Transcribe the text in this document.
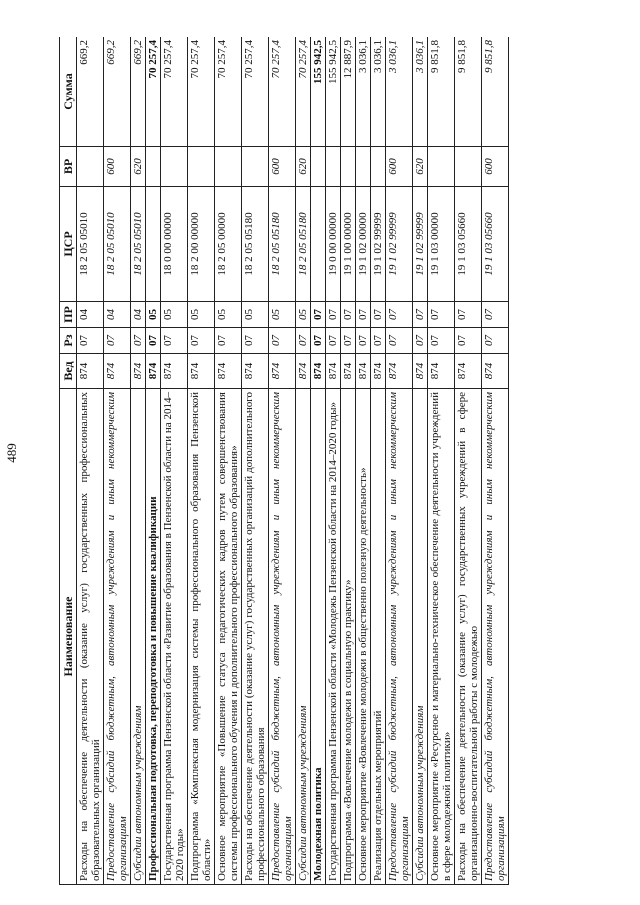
489
Наименование	Вед	Рз	ПР	ЦСР	ВР	Сумма
Расходы на обеспечение деятельности (оказание услуг) государственных профессиональных образовательных организаций	874	07	04	18 2 05 05010		669,2
Предоставление субсидий бюджетным, автономным учреждениям и иным некоммерческим организациям	874	07	04	18 2 05 05010	600	669,2
Субсидии автономным учреждениям	874	07	04	18 2 05 05010	620	669,2
Профессиональная подготовка, переподготовка и повышение квалификации	874	07	05			70 257,4
Государственная программа Пензенской области «Развитие образования в Пензенской области на 2014–2020 годы»	874	07	05	18 0 00 00000		70 257,4
Подпрограмма «Комплексная модернизация системы профессионального образования Пензенской области»	874	07	05	18 2 00 00000		70 257,4
Основное мероприятие «Повышение статуса педагогических кадров путем совершенствования системы профессионального обучения и дополнительного профессионального образования»	874	07	05	18 2 05 00000		70 257,4
Расходы на обеспечение деятельности (оказание услуг) государственных организаций дополнительного профессионального образования	874	07	05	18 2 05 05180		70 257,4
Предоставление субсидий бюджетным, автономным учреждениям и иным некоммерческим организациям	874	07	05	18 2 05 05180	600	70 257,4
Субсидии автономным учреждениям	874	07	05	18 2 05 05180	620	70 257,4
Молодежная политика	874	07	07			155 942,5
Государственная программа Пензенской области «Молодежь Пензенской области на 2014–2020 годы»	874	07	07	19 0 00 00000		155 942,5
Подпрограмма «Вовлечение молодежи в социальную практику»	874	07	07	19 1 00 00000		12 887,9
Основное мероприятие «Вовлечение молодежи в общественно полезную деятельность»	874	07	07	19 1 02 00000		3 036,1
Реализация отдельных мероприятий	874	07	07	19 1 02 99999		3 036,1
Предоставление субсидий бюджетным, автономным учреждениям и иным некоммерческим организациям	874	07	07	19 1 02 99999	600	3 036,1
Субсидии автономным учреждениям	874	07	07	19 1 02 99999	620	3 036,1
Основное мероприятие «Ресурсное и материально-техническое обеспечение деятельности учреждений в сфере молодежной политики»	874	07	07	19 1 03 00000		9 851,8
Расходы на обеспечение деятельности (оказание услуг) государственных учреждений в сфере организационно-воспитательной работы с молодежью	874	07	07	19 1 03 05660		9 851,8
Предоставление субсидий бюджетным, автономным учреждениям и иным некоммерческим организациям	874	07	07	19 1 03 05660	600	9 851,8
